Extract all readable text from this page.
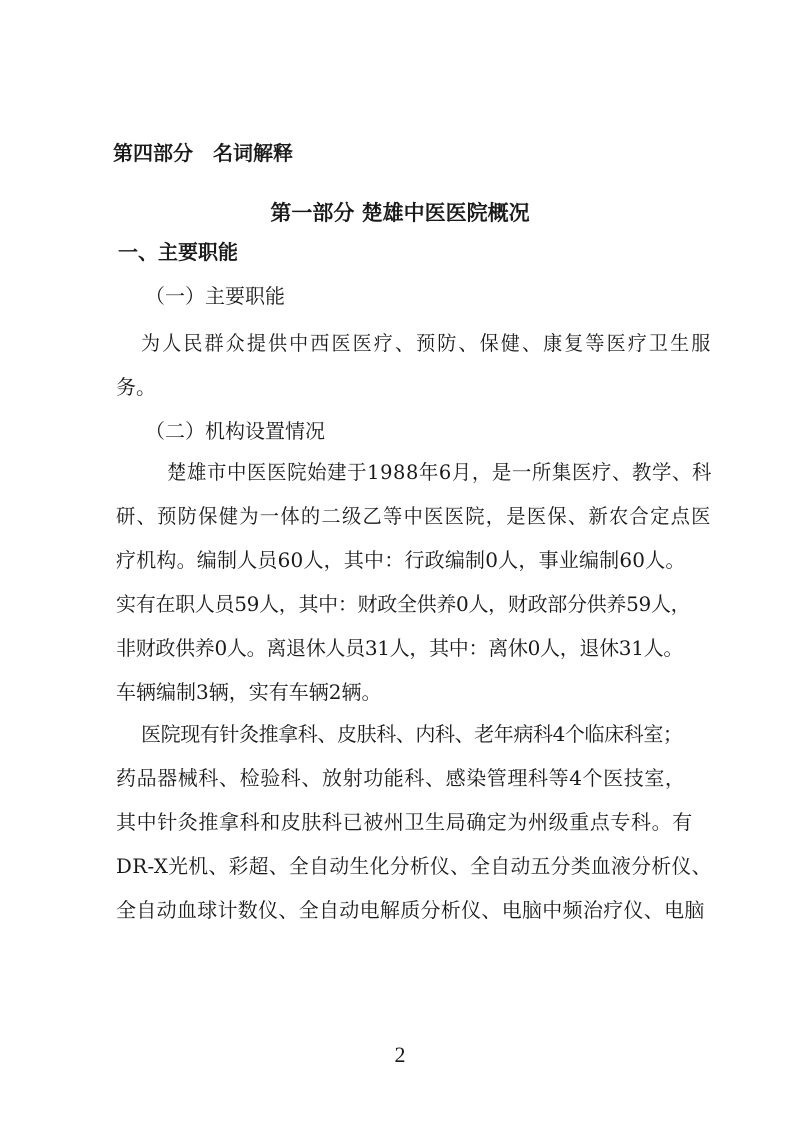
第四部分　名词解释
第一部分 楚雄中医医院概况
一、主要职能
（一）主要职能
为人民群众提供中西医医疗、预防、保健、康复等医疗卫生服
务。
（二）机构设置情况
楚雄市中医医院始建于1988年6月，是一所集医疗、教学、科
研、预防保健为一体的二级乙等中医医院，是医保、新农合定点医
疗机构。编制人员60人，其中：行政编制0人，事业编制60人。
实有在职人员59人，其中：财政全供养0人，财政部分供养59人，
非财政供养0人。离退休人员31人，其中：离休0人，退休31人。
车辆编制3辆，实有车辆2辆。
医院现有针灸推拿科、皮肤科、内科、老年病科4个临床科室；
药品器械科、检验科、放射功能科、感染管理科等4个医技室，
其中针灸推拿科和皮肤科已被州卫生局确定为州级重点专科。有
DR-X光机、彩超、全自动生化分析仪、全自动五分类血液分析仪、
全自动血球计数仪、全自动电解质分析仪、电脑中频治疗仪、电脑
2
